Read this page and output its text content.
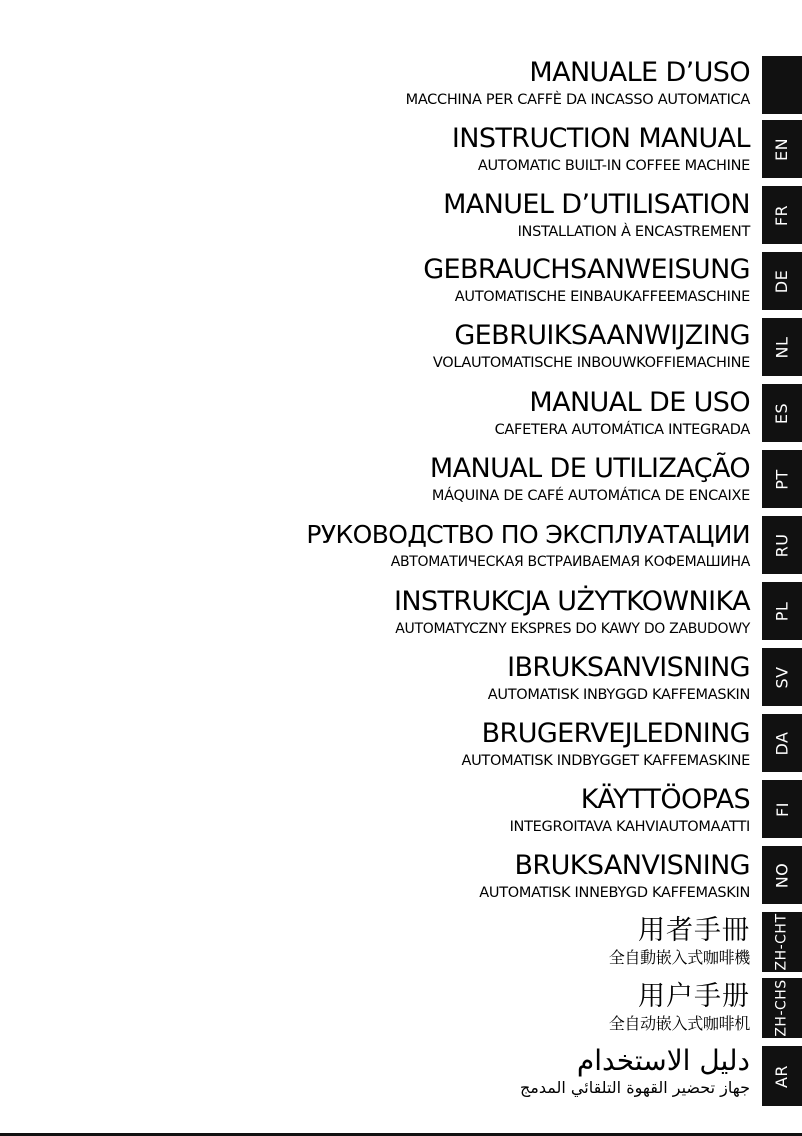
MANUALE D’USO
MACCHINA PER CAFFÈ DA INCASSO AUTOMATICA
INSTRUCTION MANUAL
AUTOMATIC BUILT-IN COFFEE MACHINE
MANUEL D’UTILISATION
INSTALLATION À ENCASTREMENT
GEBRAUCHSANWEISUNG
AUTOMATISCHE EINBAUKAFFEEMASCHINE
GEBRUIKSAANWIJZING
VOLAUTOMATISCHE INBOUWKOFFIEMACHINE
MANUAL DE USO
CAFETERA AUTOMÁTICA INTEGRADA
MANUAL DE UTILIZAÇÃO
MÁQUINA DE CAFÉ AUTOMÁTICA DE ENCAIXE
РУКОВОДСТВО ПО ЭКСПЛУАТАЦИИ
АВТОМАТИЧЕСКАЯ ВСТРАИВАЕМАЯ КОФЕМАШИНА
INSTRUKCJA UŻYTKOWNIKA
AUTOMATYCZNY EKSPRES DO KAWY DO ZABUDOWY
IBRUKSANVISNING
AUTOMATISK INBYGGD KAFFEMASKIN
BRUGERVEJLEDNING
AUTOMATISK INDBYGGET KAFFEMASKINE
KÄYTTÖOPAS
INTEGROITAVA KAHVIAUTOMAATTI
BRUKSANVISNING
AUTOMATISK INNEBYGD KAFFEMASKIN
用者手冊
全自動嵌入式咖啡機
用户手册
全自动嵌入式咖啡机
دليل الاستخدام
جهاز تحضير القهوة التلقائي المدمج
EN
FR
DE
NL
ES
PT
RU
PL
SV
DA
FI
NO
ZH-CHT
ZH-CHS
AR
